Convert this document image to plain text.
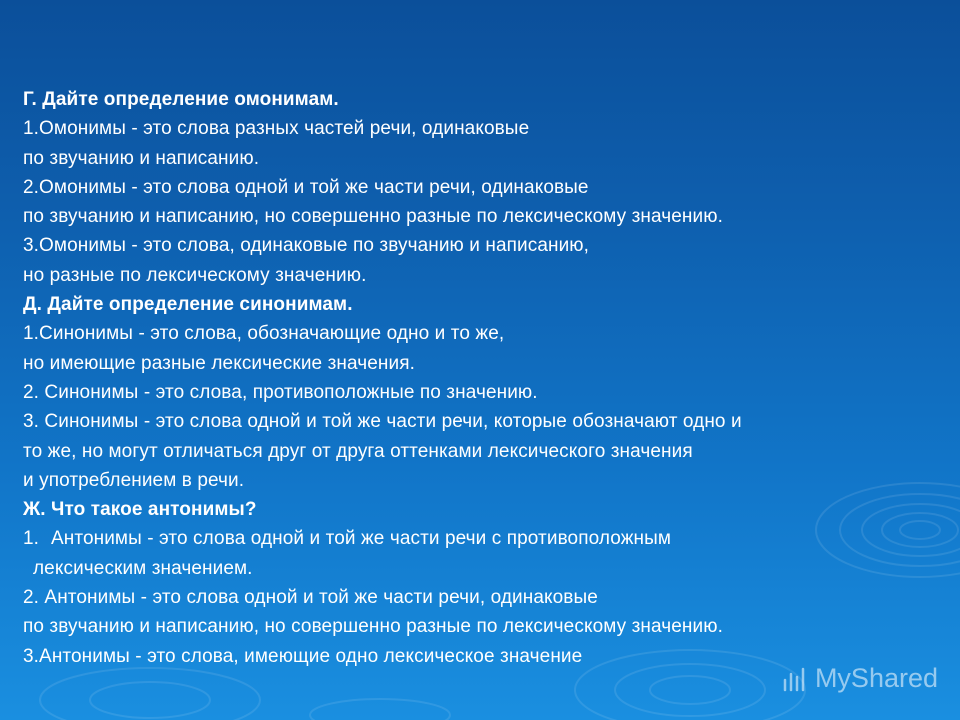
Г. Дайте определение омонимам.
1.Омонимы - это слова разных частей речи, одинаковые
по звучанию и написанию.
2.Омонимы - это слова одной и той же части речи, одинаковые
по звучанию и написанию, но совершенно разные по лексическому значению.
3.Омонимы - это слова, одинаковые по звучанию и написанию,
но разные по лексическому значению.
Д. Дайте определение синонимам.
1.Синонимы - это слова, обозначающие одно и то же,
но имеющие разные лексические значения.
2. Синонимы - это слова, противоположные по значению.
3. Синонимы - это слова одной и той же части речи, которые обозначают одно и
то же, но могут отличаться друг от друга оттенками лексического значения
и употреблением в речи.
Ж. Что такое антонимы?
1. Антонимы - это слова одной и той же части речи с противоположным
лексическим значением.
2. Антонимы - это слова одной и той же части речи, одинаковые
по звучанию и написанию, но совершенно разные по лексическому значению.
3.Антонимы - это слова, имеющие одно лексическое значение
MyShared
